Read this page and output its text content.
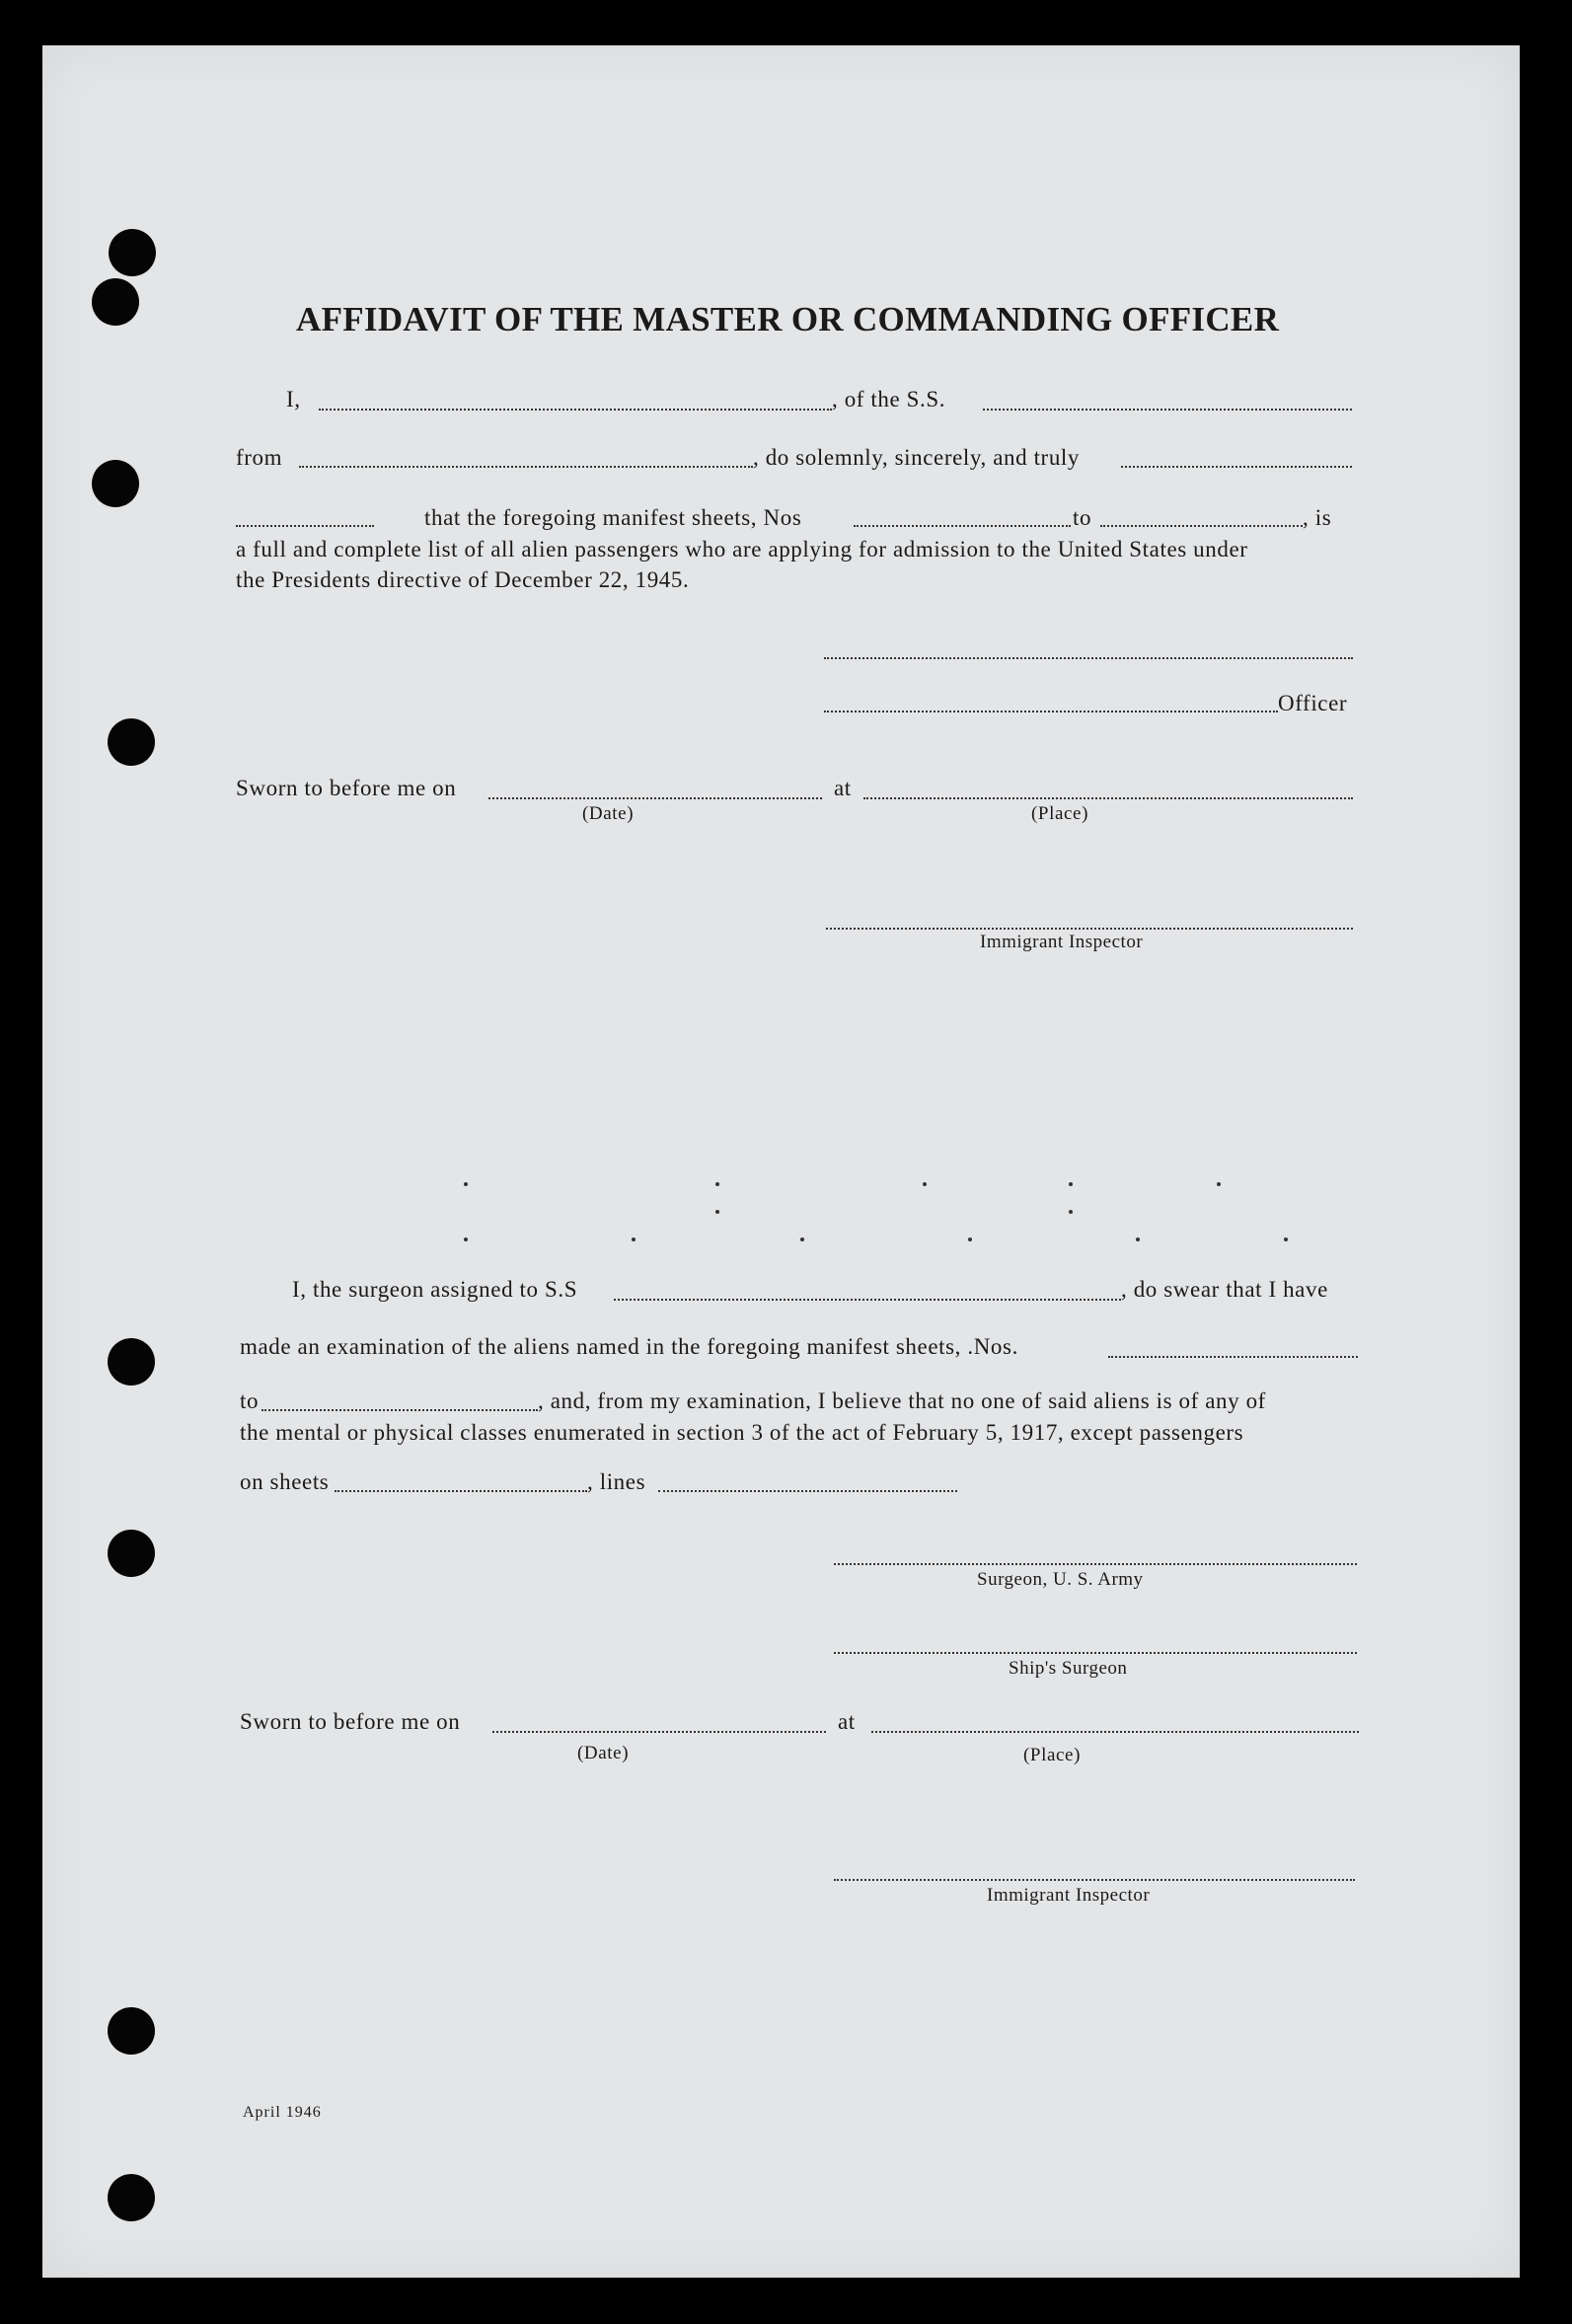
AFFIDAVIT OF THE MASTER OR COMMANDING OFFICER
I,	, of the S.S.
from	, do solemnly, sincerely, and truly
that the foregoing manifest sheets, Nos	to	, is
a full and complete list of all alien passengers who are applying for admission to the United States under
the Presidents directive of December 22, 1945.
Officer
Sworn to before me on	at
(Date)	(Place)
Immigrant Inspector
I, the surgeon assigned to S.S	, do swear that I have
made an examination of the aliens named in the foregoing manifest sheets, .Nos.
to	, and, from my examination, I believe that no one of said aliens is of any of
the mental or physical classes enumerated in section 3 of the act of February 5, 1917, except passengers
on sheets	, lines
Surgeon, U. S. Army
Ship's Surgeon
Sworn to before me on	at
(Date)	(Place)
Immigrant Inspector
April 1946
